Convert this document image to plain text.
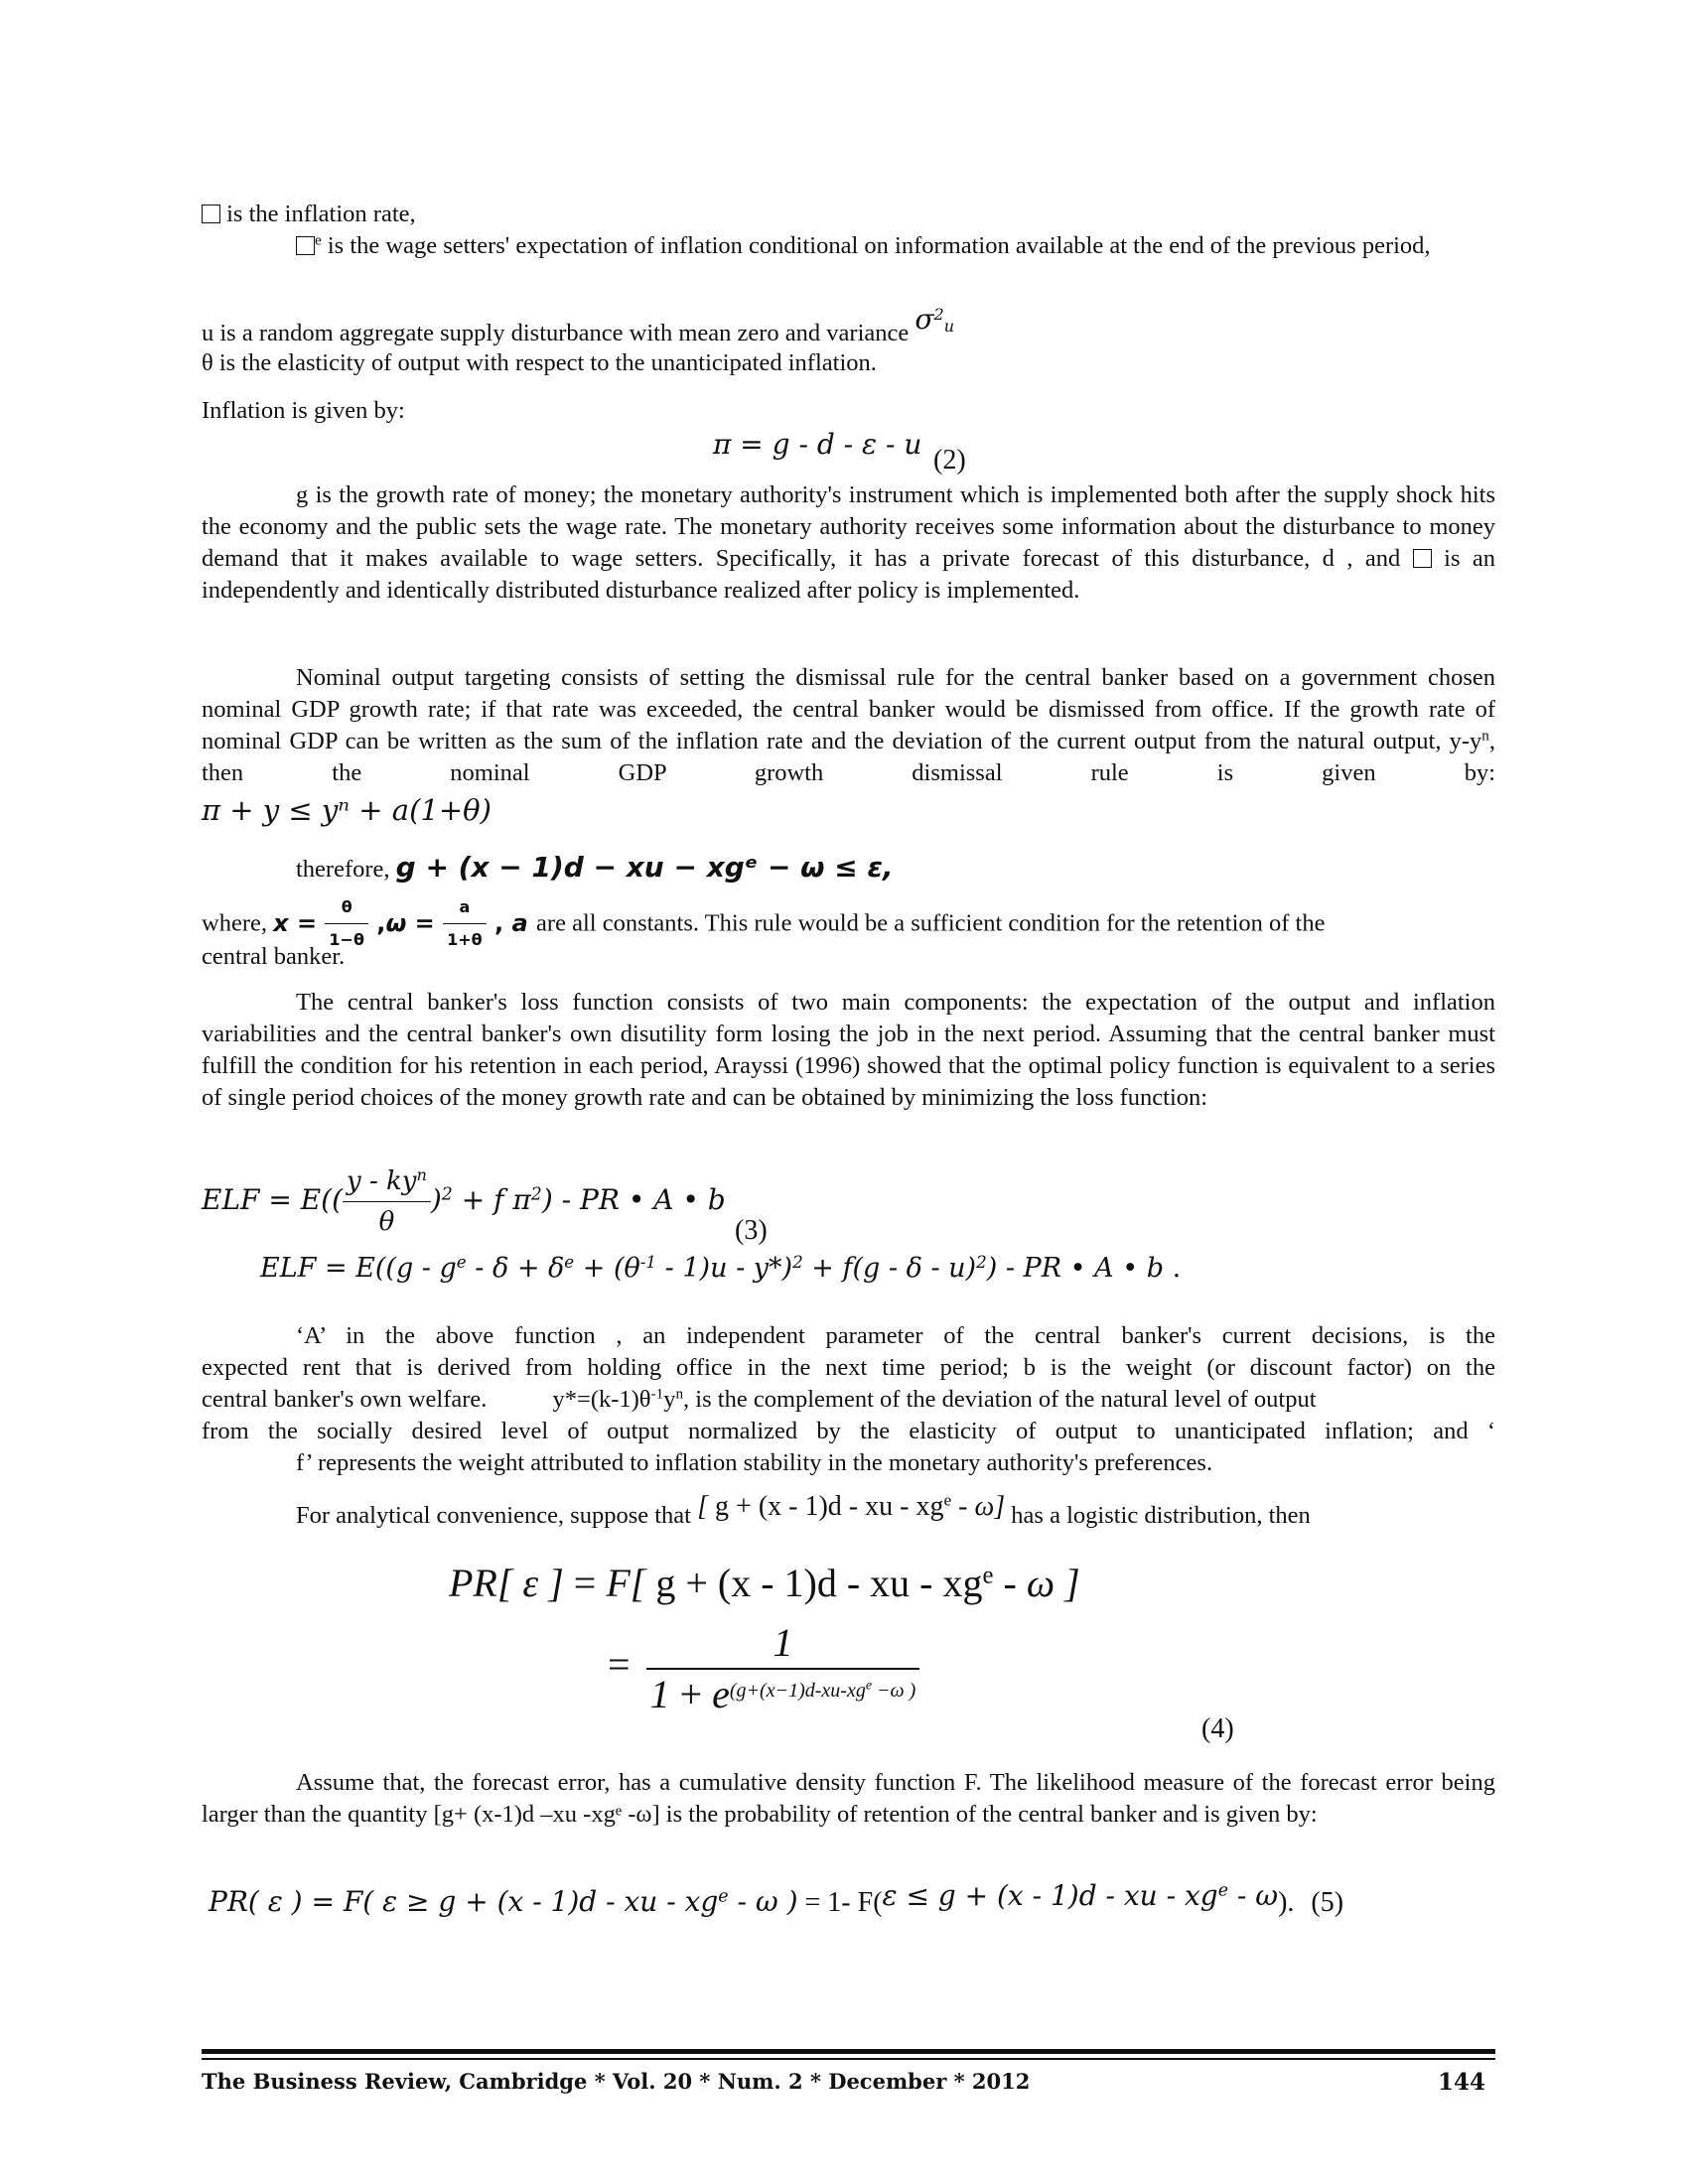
is the inflation rate,
$^e$ is the wage setters' expectation of inflation conditional on information available at the end of the previous period,
u is a random aggregate supply disturbance with mean zero and variance $\sigma^2_u$
θ is the elasticity of output with respect to the unanticipated inflation.
Inflation is given by:
π = g - d - ε - u (2)
g is the growth rate of money; the monetary authority's instrument which is implemented both after the supply shock hits the economy and the public sets the wage rate. The monetary authority receives some information about the disturbance to money demand that it makes available to wage setters. Specifically, it has a private forecast of this disturbance, d , and is an independently and identically distributed disturbance realized after policy is implemented.
Nominal output targeting consists of setting the dismissal rule for the central banker based on a government chosen nominal GDP growth rate; if that rate was exceeded, the central banker would be dismissed from office. If the growth rate of nominal GDP can be written as the sum of the inflation rate and the deviation of the current output from the natural output, $y-y^n$, then the nominal GDP growth dismissal rule is given by:
π + y ≤ yⁿ + a(1+θ)
therefore, g + (x − 1)d − xu − xgᵉ − ω ≤ ε,
where, $x = \frac{\theta}{1-\theta} ,\omega = \frac{a}{1+\theta}$ , a are all constants. This rule would be a sufficient condition for the retention of the
central banker.
The central banker's loss function consists of two main components: the expectation of the output and inflation variabilities and the central banker's own disutility form losing the job in the next period. Assuming that the central banker must fulfill the condition for his retention in each period, Arayssi (1996) showed that the optimal policy function is equivalent to a series of single period choices of the money growth rate and can be obtained by minimizing the loss function:
ELF = $E(( \frac{y - ky^n}{\theta} )^2 + f$ $\pi^2$) - PR • A • b
(3)
ELF = $E((g - g^e - \delta + \delta^e + (\theta^{-1} - 1)u - y*)^2 + f(g - \delta - u)^2)$ - PR • A • b .
‘A’ in the above function , an independent parameter of the central banker's current decisions, is the
expected rent that is derived from holding office in the next time period; b is the weight (or discount factor) on the
central banker's own welfare.	$y*=(k-1)\theta^{-1}y^n$, is the complement of the deviation of the natural level of output
from the socially desired level of output normalized by the elasticity of output to unanticipated inflation; and ‘
f’ represents the weight attributed to inflation stability in the monetary authority's preferences.
For analytical convenience, suppose that [ g + (x - 1)d - xu - $xg^e - \omega$] has a logistic distribution, then
PR[ ε ] = F[ g + (x - 1)d - xu - $xg^e$ - ω ]
= $\frac{1}{1 + e^{(g+(x-1)d-xu-xg^e -\omega )}}$
(4)
Assume that, the forecast error, has a cumulative density function F. The likelihood measure of the forecast error being larger than the quantity [g+ (x-1)d –xu -xgᵉ -ω] is the probability of retention of the central banker and is given by:
PR( ε ) = F( ε ≥ g + (x - 1)d - xu - $xg^e$ - ω ) = 1- F(ε ≤ g + (x - 1)d - xu - $xg^e - \omega$). (5)
The Business Review, Cambridge * Vol. 20 * Num. 2 * December * 2012	144
